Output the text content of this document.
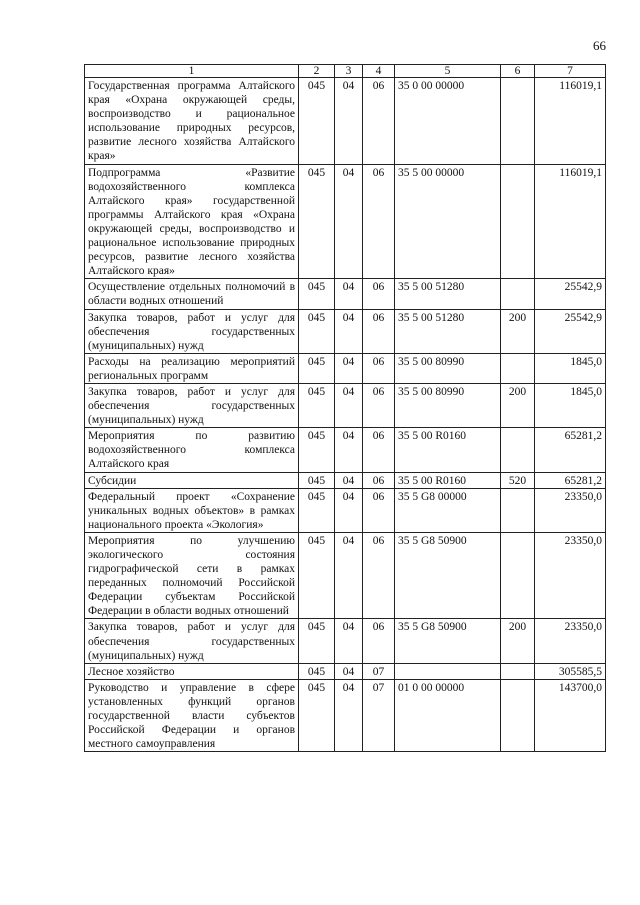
66
1	2	3	4	5	6	7
Государственная программа Алтайского края «Охрана окружающей среды, воспроизводство и рациональное использование природных ресурсов, развитие лесного хозяйства Алтайского края»	045	04	06	35 0 00 00000		116019,1
Подпрограмма «Развитие водохозяйственного комплекса Алтайского края» государственной программы Алтайского края «Охрана окружающей среды, воспроизводство и рациональное использование природных ресурсов, развитие лесного хозяйства Алтайского края»	045	04	06	35 5 00 00000		116019,1
Осуществление отдельных полномочий в области водных отношений	045	04	06	35 5 00 51280		25542,9
Закупка товаров, работ и услуг для обеспечения государственных (муниципальных) нужд	045	04	06	35 5 00 51280	200	25542,9
Расходы на реализацию мероприятий региональных программ	045	04	06	35 5 00 80990		1845,0
Закупка товаров, работ и услуг для обеспечения государственных (муниципальных) нужд	045	04	06	35 5 00 80990	200	1845,0
Мероприятия по развитию водохозяйственного комплекса Алтайского края	045	04	06	35 5 00 R0160		65281,2
Субсидии	045	04	06	35 5 00 R0160	520	65281,2
Федеральный проект «Сохранение уникальных водных объектов» в рамках национального проекта «Экология»	045	04	06	35 5 G8 00000		23350,0
Мероприятия по улучшению экологического состояния гидрографической сети в рамках переданных полномочий Российской Федерации субъектам Российской Федерации в области водных отношений	045	04	06	35 5 G8 50900		23350,0
Закупка товаров, работ и услуг для обеспечения государственных (муниципальных) нужд	045	04	06	35 5 G8 50900	200	23350,0
Лесное хозяйство	045	04	07			305585,5
Руководство и управление в сфере установленных функций органов государственной власти субъектов Российской Федерации и органов местного самоуправления	045	04	07	01 0 00 00000		143700,0
